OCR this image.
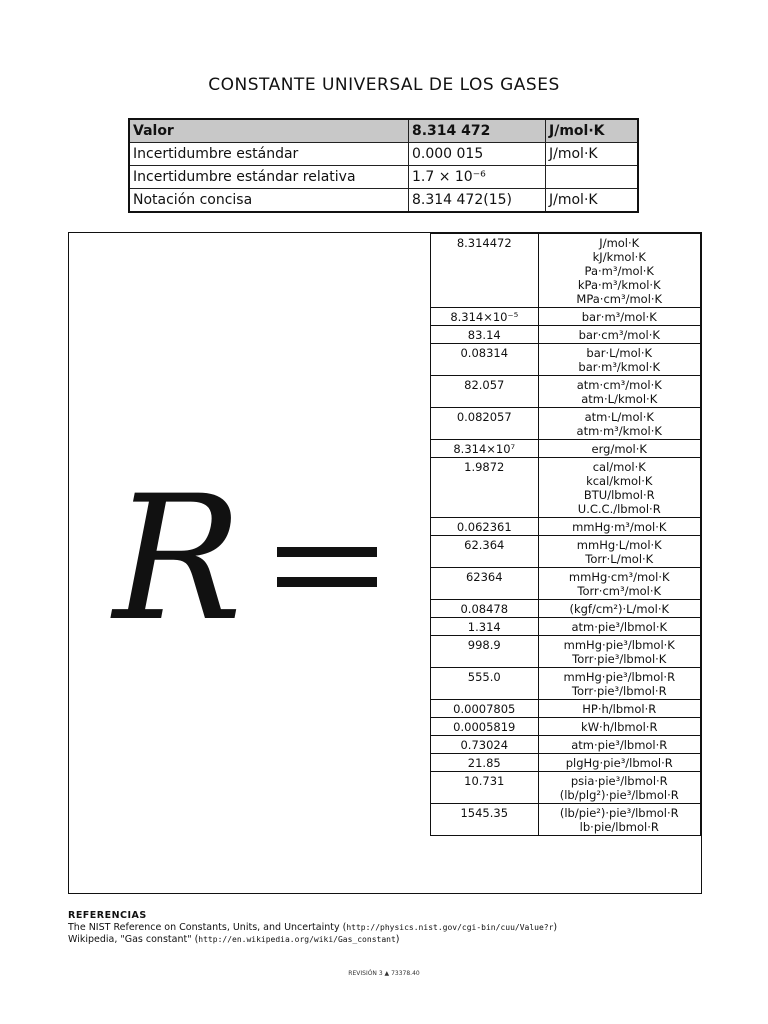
CONSTANTE UNIVERSAL DE LOS GASES
Valor	8.314 472	J/mol·K
Incertidumbre estándar	0.000 015	J/mol·K
Incertidumbre estándar relativa	1.7 × 10⁻⁶	
Notación concisa	8.314 472(15)	J/mol·K
R
8.314472	J/mol·K
kJ/kmol·K
Pa·m³/mol·K
kPa·m³/kmol·K
MPa·cm³/mol·K
8.314×10⁻⁵	bar·m³/mol·K
83.14	bar·cm³/mol·K
0.08314	bar·L/mol·K
bar·m³/kmol·K
82.057	atm·cm³/mol·K
atm·L/kmol·K
0.082057	atm·L/mol·K
atm·m³/kmol·K
8.314×10⁷	erg/mol·K
1.9872	cal/mol·K
kcal/kmol·K
BTU/lbmol·R
U.C.C./lbmol·R
0.062361	mmHg·m³/mol·K
62.364	mmHg·L/mol·K
Torr·L/mol·K
62364	mmHg·cm³/mol·K
Torr·cm³/mol·K
0.08478	(kgf/cm²)·L/mol·K
1.314	atm·pie³/lbmol·K
998.9	mmHg·pie³/lbmol·K
Torr·pie³/lbmol·K
555.0	mmHg·pie³/lbmol·R
Torr·pie³/lbmol·R
0.0007805	HP·h/lbmol·R
0.0005819	kW·h/lbmol·R
0.73024	atm·pie³/lbmol·R
21.85	plgHg·pie³/lbmol·R
10.731	psia·pie³/lbmol·R
(lb/plg²)·pie³/lbmol·R
1545.35	(lb/pie²)·pie³/lbmol·R
lb·pie/lbmol·R
REFERENCIAS
The NIST Reference on Constants, Units, and Uncertainty (http://physics.nist.gov/cgi-bin/cuu/Value?r)
Wikipedia, "Gas constant" (http://en.wikipedia.org/wiki/Gas_constant)
REVISIÓN 3 ▲ 73378.40
